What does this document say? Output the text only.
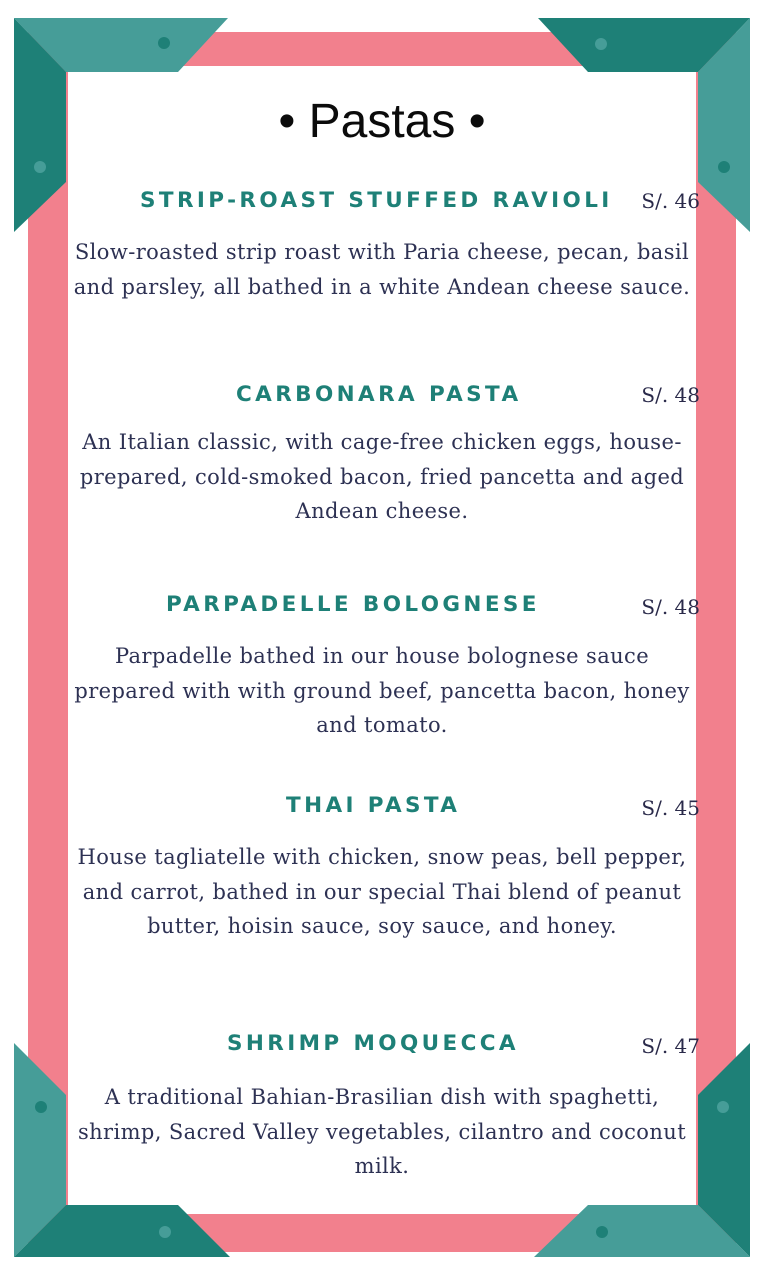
• Pastas •
STRIP-ROAST STUFFED RAVIOLI S/. 46
Slow-roasted strip roast with Paria cheese, pecan, basil and parsley, all bathed in a white Andean cheese sauce.
CARBONARA PASTA	S/. 48
An Italian classic, with cage-free chicken eggs, house-prepared, cold-smoked bacon, fried pancetta and aged Andean cheese.
PARPADELLE BOLOGNESE	S/. 48
Parpadelle bathed in our house bolognese sauce prepared with with ground beef, pancetta bacon, honey and tomato.
THAI PASTA	S/. 45
House tagliatelle with chicken, snow peas, bell pepper, and carrot, bathed in our special Thai blend of peanut butter, hoisin sauce, soy sauce, and honey.
SHRIMP MOQUECCA	S/. 47
A traditional Bahian-Brasilian dish with spaghetti, shrimp, Sacred Valley vegetables, cilantro and coconut milk.
